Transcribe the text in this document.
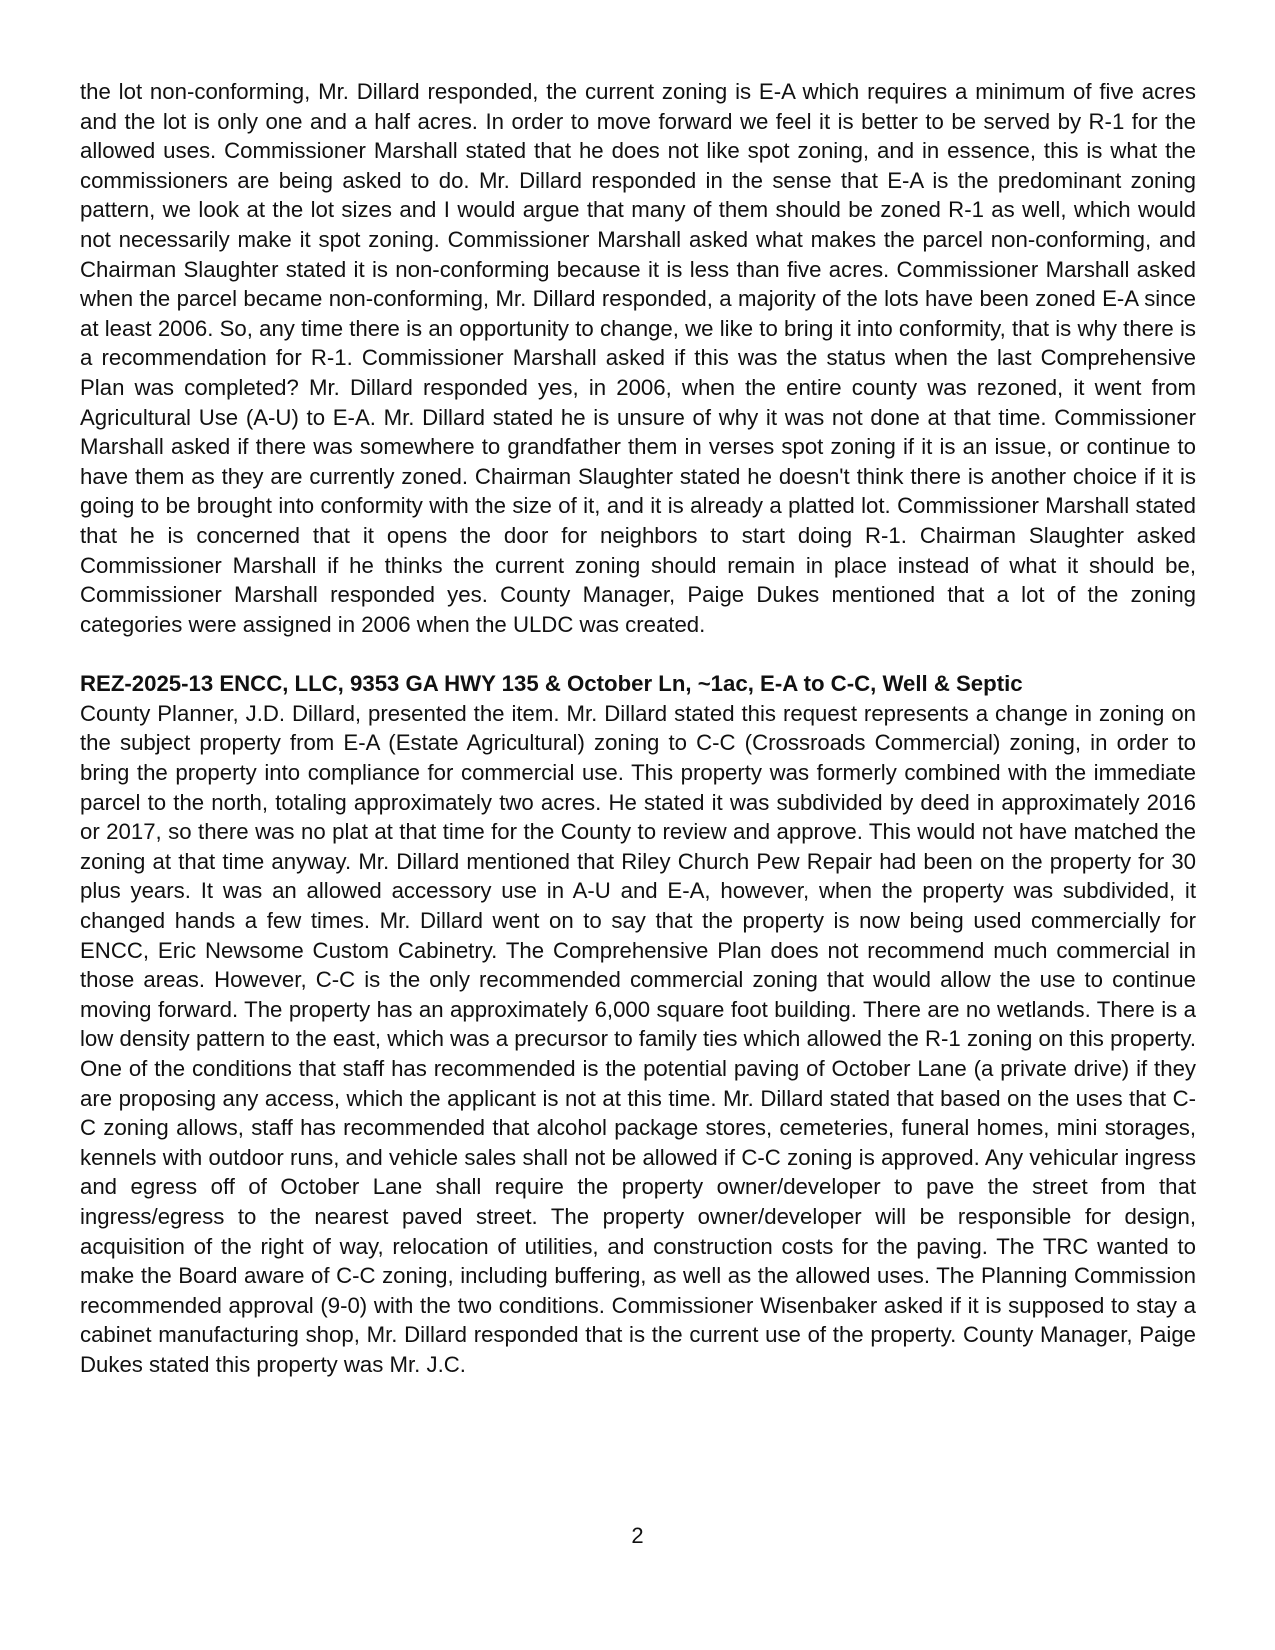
the lot non-conforming, Mr. Dillard responded, the current zoning is E-A which requires a minimum of five acres and the lot is only one and a half acres. In order to move forward we feel it is better to be served by R-1 for the allowed uses. Commissioner Marshall stated that he does not like spot zoning, and in essence, this is what the commissioners are being asked to do. Mr. Dillard responded in the sense that E-A is the predominant zoning pattern, we look at the lot sizes and I would argue that many of them should be zoned R-1 as well, which would not necessarily make it spot zoning. Commissioner Marshall asked what makes the parcel non-conforming, and Chairman Slaughter stated it is non-conforming because it is less than five acres. Commissioner Marshall asked when the parcel became non-conforming, Mr. Dillard responded, a majority of the lots have been zoned E-A since at least 2006. So, any time there is an opportunity to change, we like to bring it into conformity, that is why there is a recommendation for R-1. Commissioner Marshall asked if this was the status when the last Comprehensive Plan was completed? Mr. Dillard responded yes, in 2006, when the entire county was rezoned, it went from Agricultural Use (A-U) to E-A. Mr. Dillard stated he is unsure of why it was not done at that time. Commissioner Marshall asked if there was somewhere to grandfather them in verses spot zoning if it is an issue, or continue to have them as they are currently zoned. Chairman Slaughter stated he doesn't think there is another choice if it is going to be brought into conformity with the size of it, and it is already a platted lot. Commissioner Marshall stated that he is concerned that it opens the door for neighbors to start doing R-1. Chairman Slaughter asked Commissioner Marshall if he thinks the current zoning should remain in place instead of what it should be, Commissioner Marshall responded yes. County Manager, Paige Dukes mentioned that a lot of the zoning categories were assigned in 2006 when the ULDC was created.

REZ-2025-13 ENCC, LLC, 9353 GA HWY 135 & October Ln, ~1ac, E-A to C-C, Well & Septic

County Planner, J.D. Dillard, presented the item. Mr. Dillard stated this request represents a change in zoning on the subject property from E-A (Estate Agricultural) zoning to C-C (Crossroads Commercial) zoning, in order to bring the property into compliance for commercial use. This property was formerly combined with the immediate parcel to the north, totaling approximately two acres. He stated it was subdivided by deed in approximately 2016 or 2017, so there was no plat at that time for the County to review and approve. This would not have matched the zoning at that time anyway. Mr. Dillard mentioned that Riley Church Pew Repair had been on the property for 30 plus years. It was an allowed accessory use in A-U and E-A, however, when the property was subdivided, it changed hands a few times. Mr. Dillard went on to say that the property is now being used commercially for ENCC, Eric Newsome Custom Cabinetry. The Comprehensive Plan does not recommend much commercial in those areas. However, C-C is the only recommended commercial zoning that would allow the use to continue moving forward. The property has an approximately 6,000 square foot building. There are no wetlands. There is a low density pattern to the east, which was a precursor to family ties which allowed the R-1 zoning on this property. One of the conditions that staff has recommended is the potential paving of October Lane (a private drive) if they are proposing any access, which the applicant is not at this time. Mr. Dillard stated that based on the uses that C-C zoning allows, staff has recommended that alcohol package stores, cemeteries, funeral homes, mini storages, kennels with outdoor runs, and vehicle sales shall not be allowed if C-C zoning is approved. Any vehicular ingress and egress off of October Lane shall require the property owner/developer to pave the street from that ingress/egress to the nearest paved street. The property owner/developer will be responsible for design, acquisition of the right of way, relocation of utilities, and construction costs for the paving. The TRC wanted to make the Board aware of C-C zoning, including buffering, as well as the allowed uses. The Planning Commission recommended approval (9-0) with the two conditions. Commissioner Wisenbaker asked if it is supposed to stay a cabinet manufacturing shop, Mr. Dillard responded that is the current use of the property. County Manager, Paige Dukes stated this property was Mr. J.C.

2
